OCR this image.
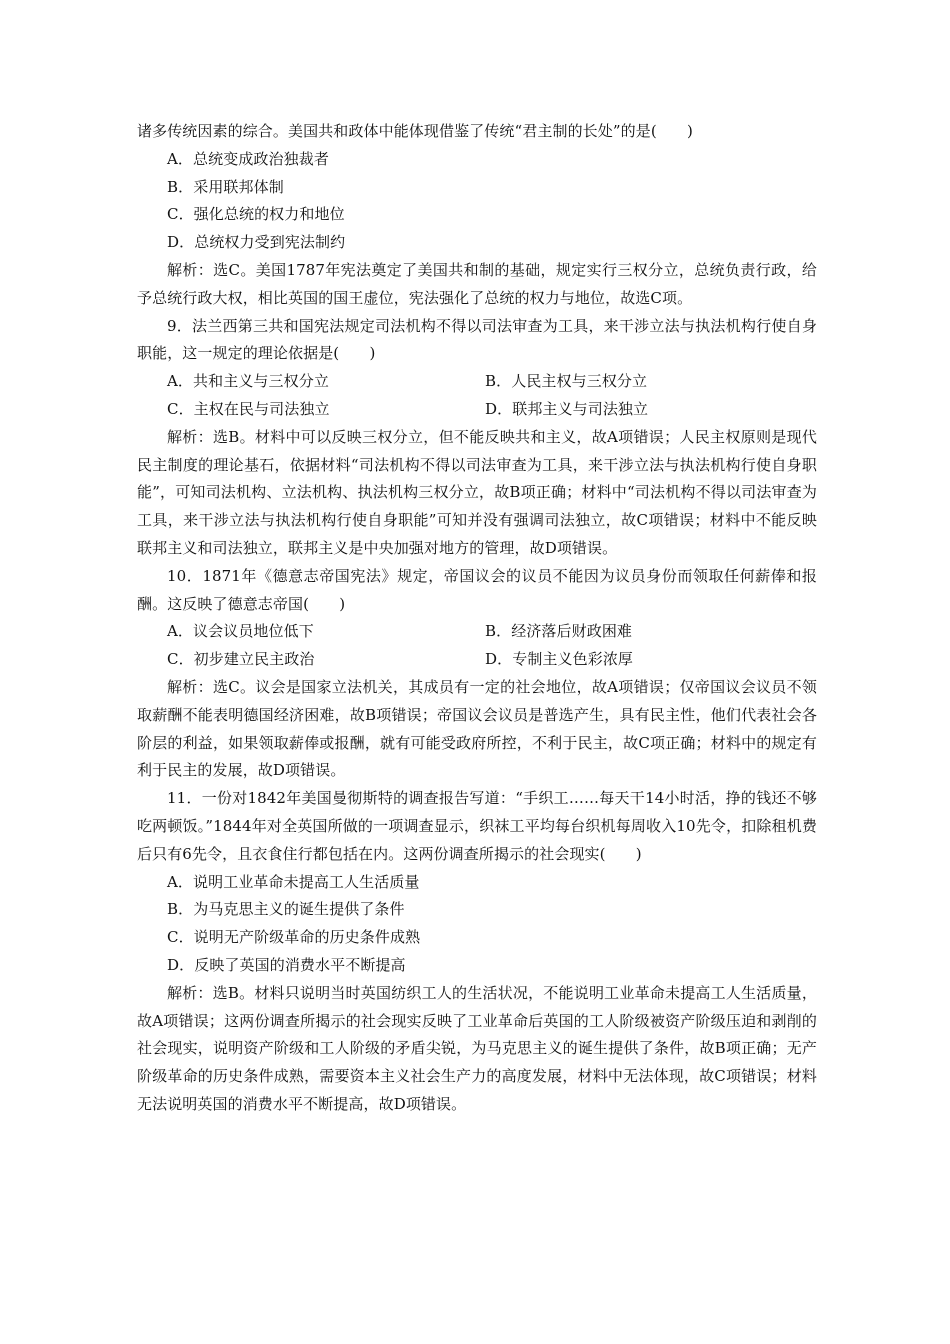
诸多传统因素的综合。美国共和政体中能体现借鉴了传统“君主制的长处”的是(　　)

A．总统变成政治独裁者

B．采用联邦体制

C．强化总统的权力和地位

D．总统权力受到宪法制约

解析：选C。美国1787年宪法奠定了美国共和制的基础，规定实行三权分立，总统负责行政，给予总统行政大权，相比英国的国王虚位，宪法强化了总统的权力与地位，故选C项。

9．法兰西第三共和国宪法规定司法机构不得以司法审查为工具，来干涉立法与执法机构行使自身职能，这一规定的理论依据是(　　)

A．共和主义与三权分立	B．人民主权与三权分立
C．主权在民与司法独立	D．联邦主义与司法独立

解析：选B。材料中可以反映三权分立，但不能反映共和主义，故A项错误；人民主权原则是现代民主制度的理论基石，依据材料“司法机构不得以司法审查为工具，来干涉立法与执法机构行使自身职能”，可知司法机构、立法机构、执法机构三权分立，故B项正确；材料中“司法机构不得以司法审查为工具，来干涉立法与执法机构行使自身职能”可知并没有强调司法独立，故C项错误；材料中不能反映联邦主义和司法独立，联邦主义是中央加强对地方的管理，故D项错误。

10．1871年《德意志帝国宪法》规定，帝国议会的议员不能因为议员身份而领取任何薪俸和报酬。这反映了德意志帝国(　　)

A．议会议员地位低下	B．经济落后财政困难
C．初步建立民主政治	D．专制主义色彩浓厚

解析：选C。议会是国家立法机关，其成员有一定的社会地位，故A项错误；仅帝国议会议员不领取薪酬不能表明德国经济困难，故B项错误；帝国议会议员是普选产生，具有民主性，他们代表社会各阶层的利益，如果领取薪俸或报酬，就有可能受政府所控，不利于民主，故C项正确；材料中的规定有利于民主的发展，故D项错误。

11．一份对1842年美国曼彻斯特的调查报告写道：“手织工……每天干14小时活，挣的钱还不够吃两顿饭。”1844年对全英国所做的一项调查显示，织袜工平均每台织机每周收入10先令，扣除租机费后只有6先令，且衣食住行都包括在内。这两份调查所揭示的社会现实(　　)

A．说明工业革命未提高工人生活质量

B．为马克思主义的诞生提供了条件

C．说明无产阶级革命的历史条件成熟

D．反映了英国的消费水平不断提高

解析：选B。材料只说明当时英国纺织工人的生活状况，不能说明工业革命未提高工人生活质量，故A项错误；这两份调查所揭示的社会现实反映了工业革命后英国的工人阶级被资产阶级压迫和剥削的社会现实，说明资产阶级和工人阶级的矛盾尖锐，为马克思主义的诞生提供了条件，故B项正确；无产阶级革命的历史条件成熟，需要资本主义社会生产力的高度发展，材料中无法体现，故C项错误；材料无法说明英国的消费水平不断提高，故D项错误。
